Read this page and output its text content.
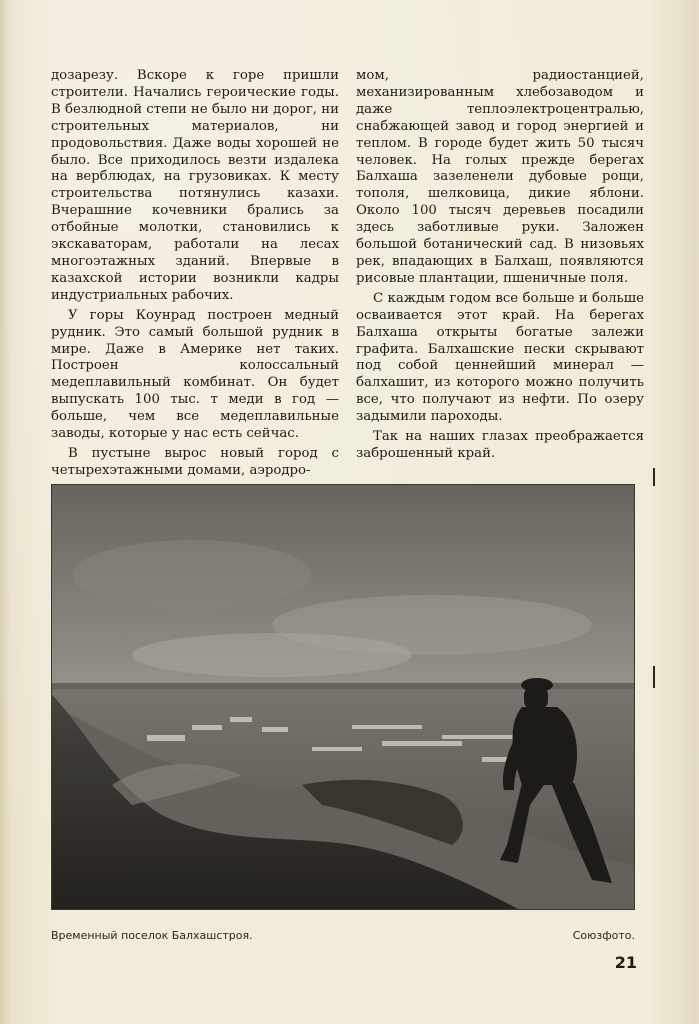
дозарезу. Вскоре к горе пришли строители. Начались героические годы. В безлюдной степи не было ни дорог, ни строительных материалов, ни продовольствия. Даже воды хорошей не было. Все приходилось везти издалека на верблюдах, на грузовиках. К месту строительства потянулись казахи. Вчерашние кочевники брались за отбойные молотки, становились к экскаваторам, работали на лесах многоэтажных зданий. Впервые в казахской истории возникли кадры индустриальных рабочих.

У горы Коунрад построен медный рудник. Это самый большой рудник в мире. Даже в Америке нет таких. Построен колоссальный медеплавильный комбинат. Он будет выпускать 100 тыс. т меди в год — больше, чем все медеплавильные заводы, которые у нас есть сейчас.

В пустыне вырос новый город с четырехэтажными домами, аэродро-

мом, радиостанцией, механизированным хлебозаводом и даже теплоэлектроцентралью, снабжающей завод и город энергией и теплом. В городе будет жить 50 тысяч человек. На голых прежде берегах Балхаша зазеленели дубовые рощи, тополя, шелковица, дикие яблони. Около 100 тысяч деревьев посадили здесь заботливые руки. Заложен большой ботанический сад. В низовьях рек, впадающих в Балхаш, появляются рисовые плантации, пшеничные поля.

С каждым годом все больше и больше осваивается этот край. На берегах Балхаша открыты богатые залежи графита. Балхашские пески скрывают под собой ценнейший минерал — балхашит, из которого можно получить все, что получают из нефти. По озеру задымили пароходы.

Так на наших глазах преображается заброшенный край.

Временный поселок Балхашстроя.	Союзфото.
21
